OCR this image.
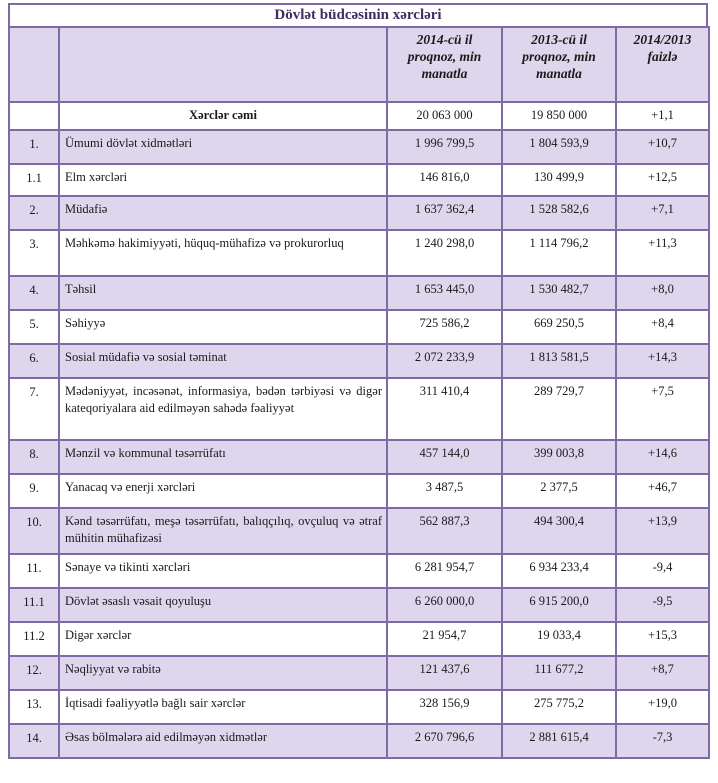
Dövlət büdcəsinin xərcləri
		2014-cü il proqnoz, min manatla	2013-cü il proqnoz, min manatla	2014/2013 faizlə
	Xərclər cəmi	20 063 000	19 850 000	+1,1
1.	Ümumi dövlət xidmətləri	1 996 799,5	1 804 593,9	+10,7
1.1	Elm xərcləri	146 816,0	130 499,9	+12,5
2.	Müdafiə	1 637 362,4	1 528 582,6	+7,1
3.	Məhkəmə hakimiyyəti, hüquq-mühafizə və prokurorluq	1 240 298,0	1 114 796,2	+11,3
4.	Təhsil	1 653 445,0	1 530 482,7	+8,0
5.	Səhiyyə	725 586,2	669 250,5	+8,4
6.	Sosial müdafiə və sosial təminat	2 072 233,9	1 813 581,5	+14,3
7.	Mədəniyyət, incəsənət, informasiya, bədən tərbiyəsi və digər kateqoriyalara aid edilməyən sahədə fəaliyyət	311 410,4	289 729,7	+7,5
8.	Mənzil və kommunal təsərrüfatı	457 144,0	399 003,8	+14,6
9.	Yanacaq və enerji xərcləri	3 487,5	2 377,5	+46,7
10.	Kənd təsərrüfatı, meşə təsərrüfatı, balıqçılıq, ovçuluq və ətraf mühitin mühafizəsi	562 887,3	494 300,4	+13,9
11.	Sənaye və tikinti xərcləri	6 281 954,7	6 934 233,4	-9,4
11.1	Dövlət əsaslı vəsait qoyuluşu	6 260 000,0	6 915 200,0	-9,5
11.2	Digər xərclər	21 954,7	19 033,4	+15,3
12.	Nəqliyyat və rabitə	121 437,6	111 677,2	+8,7
13.	İqtisadi fəaliyyətlə bağlı sair xərclər	328 156,9	275 775,2	+19,0
14.	Əsas bölmələrə aid edilməyən xidmətlər	2 670 796,6	2 881 615,4	-7,3
